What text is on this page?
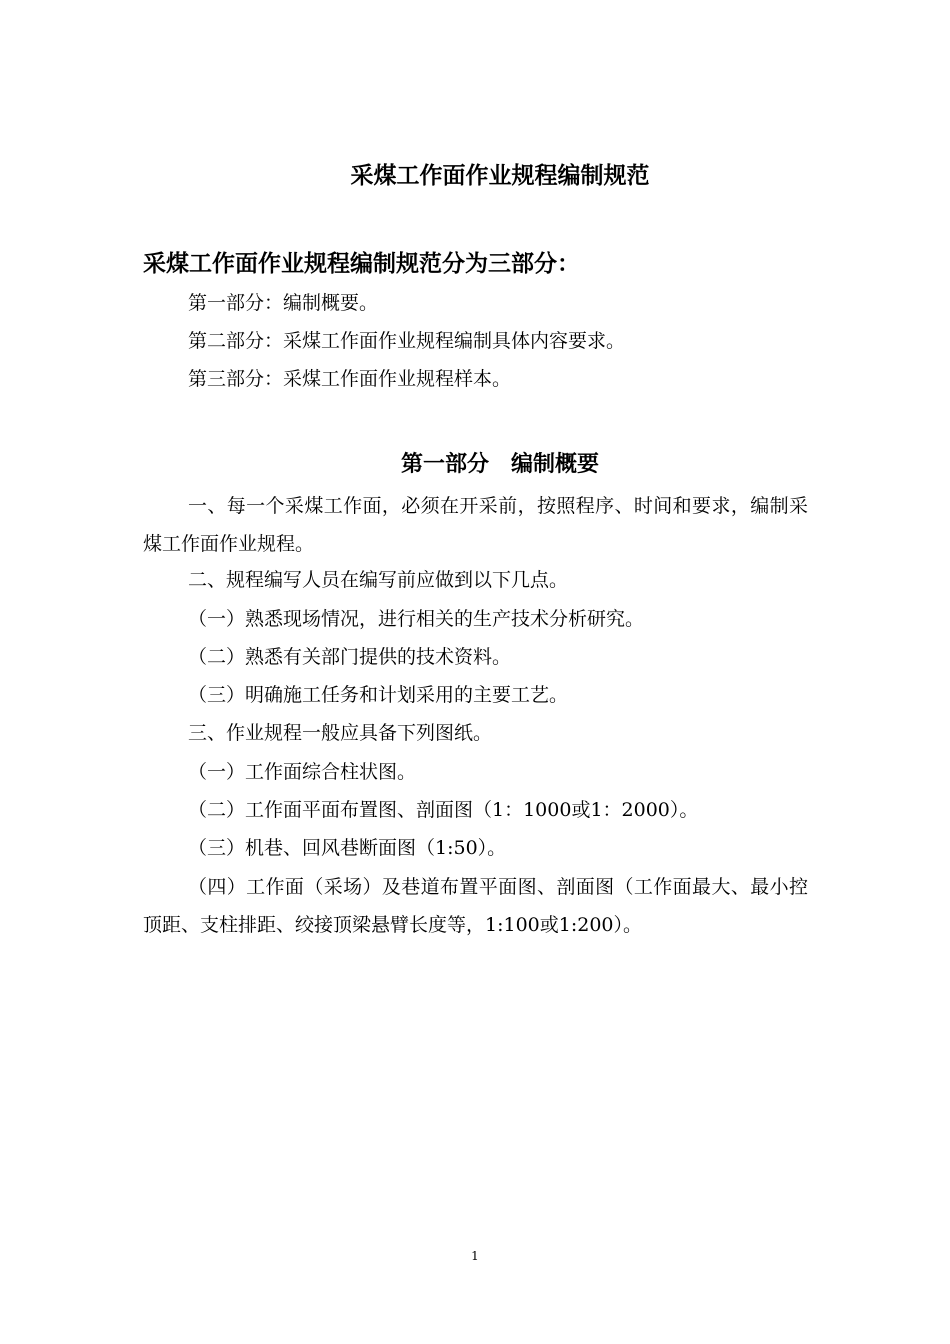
采煤工作面作业规程编制规范
采煤工作面作业规程编制规范分为三部分：
第一部分：编制概要。
第二部分：采煤工作面作业规程编制具体内容要求。
第三部分：采煤工作面作业规程样本。
第一部分　编制概要
一、每一个采煤工作面，必须在开采前，按照程序、时间和要求，编制采煤工作面作业规程。
二、规程编写人员在编写前应做到以下几点。
（一）熟悉现场情况，进行相关的生产技术分析研究。
（二）熟悉有关部门提供的技术资料。
（三）明确施工任务和计划采用的主要工艺。
三、作业规程一般应具备下列图纸。
（一）工作面综合柱状图。
（二）工作面平面布置图、剖面图（1：1000或1：2000）。
（三）机巷、回风巷断面图（1:50）。
（四）工作面（采场）及巷道布置平面图、剖面图（工作面最大、最小控顶距、支柱排距、绞接顶梁悬臂长度等，1:100或1:200）。
1
